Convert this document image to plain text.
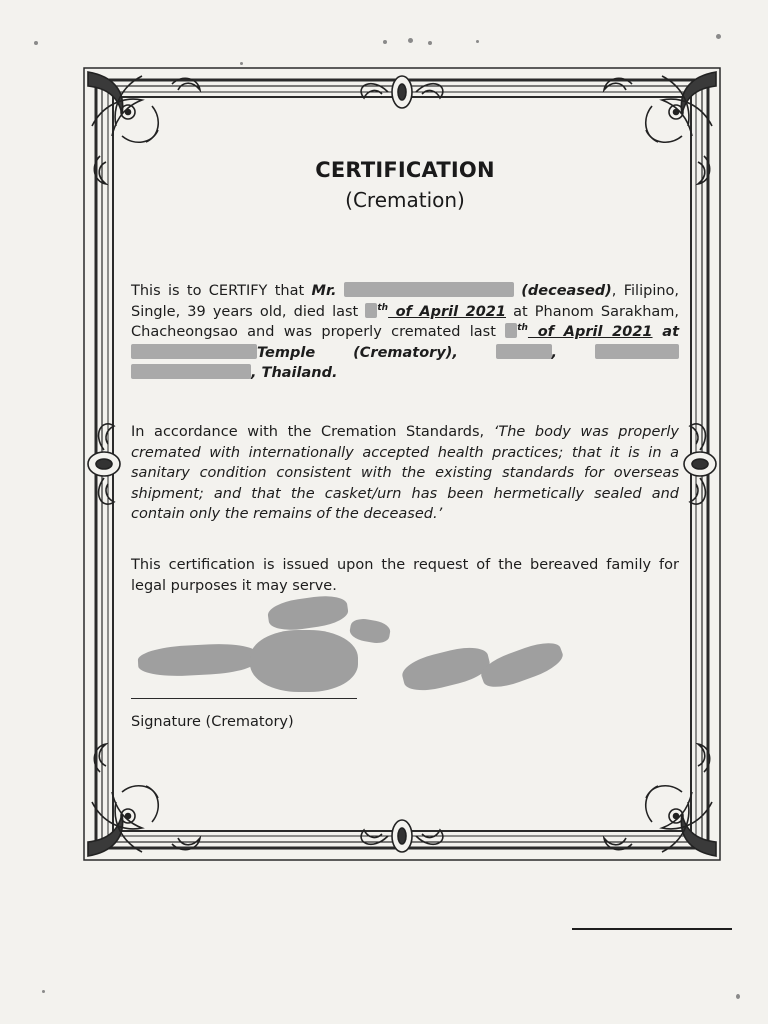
CERTIFICATION
(Cremation)
This is to CERTIFY that Mr.	(deceased), Filipino, Single, 39 years old, died last $^{th}$ of April 2021 at Phanom Sarakham, Chacheongsao and was properly cremated last $^{th}$ of April 2021 at Temple (Crematory),	,  , Thailand.
In accordance with the Cremation Standards, ‘The body was properly cremated with internationally accepted health practices; that it is in a sanitary condition consistent with the existing standards for overseas shipment; and that the casket/urn has been hermetically sealed and contain only the remains of the deceased.’
This certification is issued upon the request of the bereaved family for legal purposes it may serve.
Signature (Crematory)
